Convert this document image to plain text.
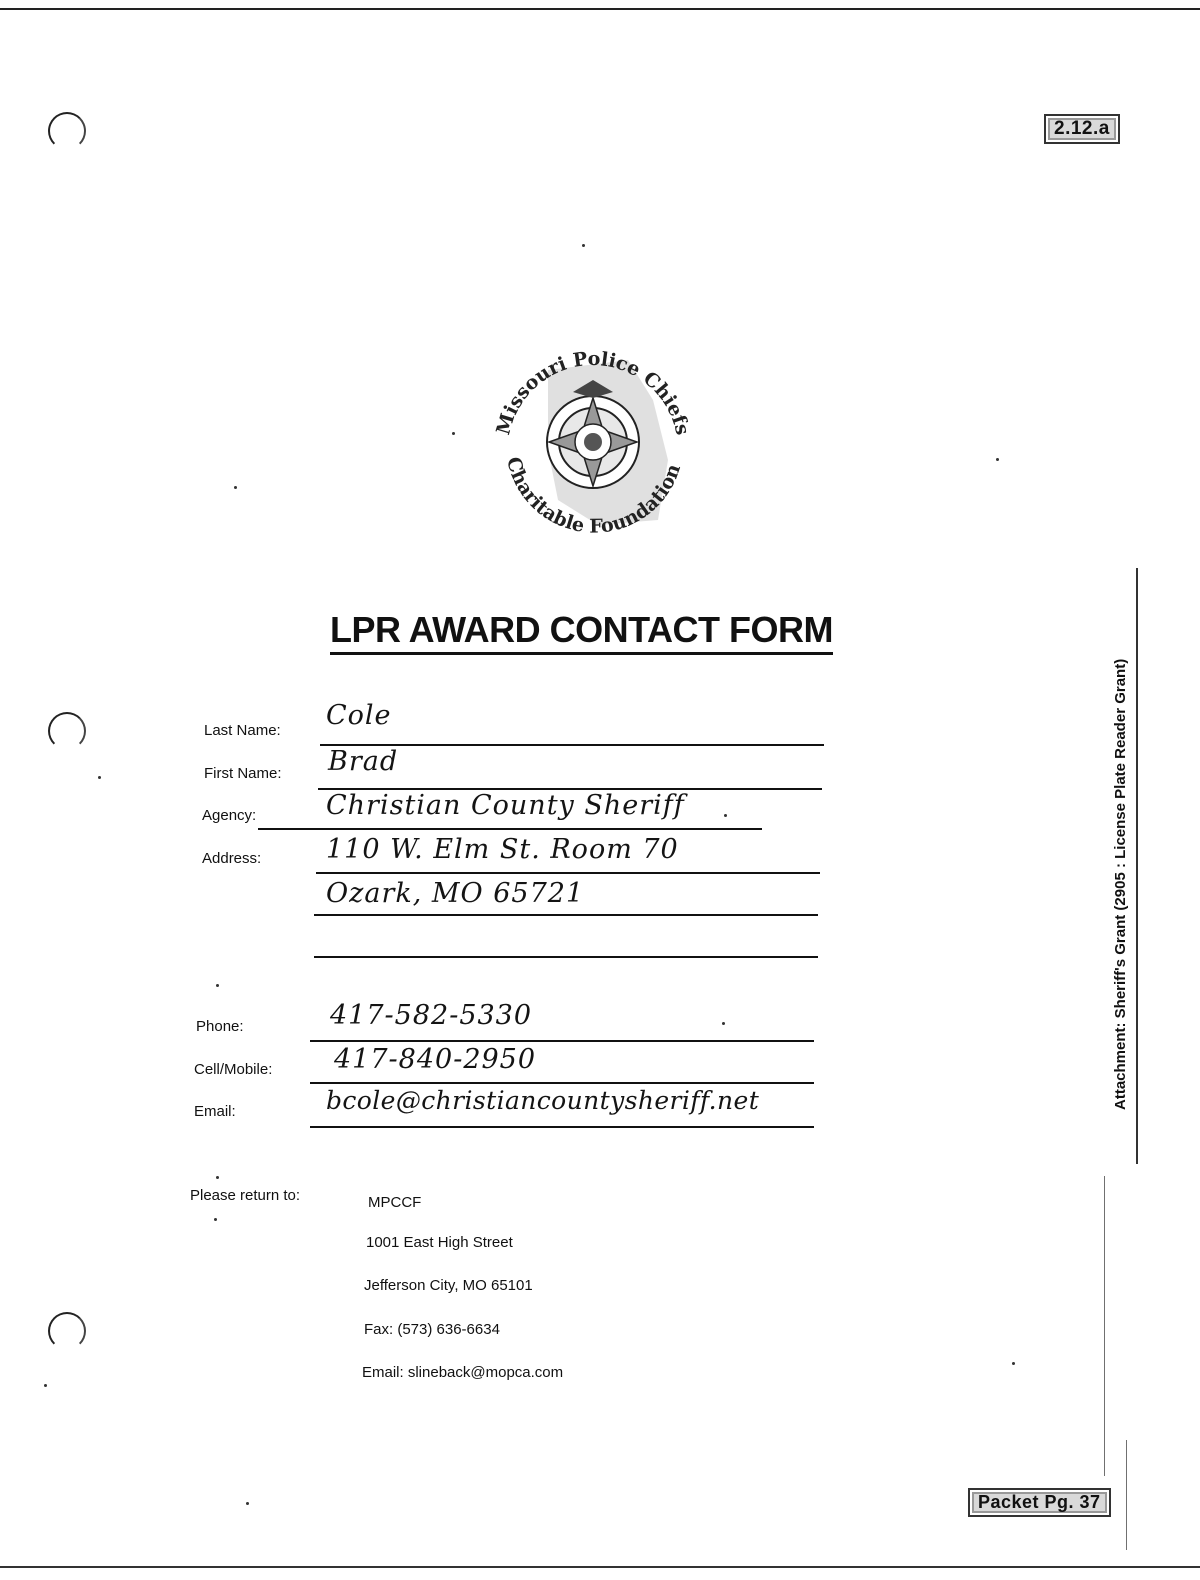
2.12.a
Missouri Police Chiefs
Charitable Foundation
LPR AWARD CONTACT FORM
Last Name: Cole
First Name: Brad
Agency:	Christian County Sheriff
Address: 110 W. Elm St. Room 70
Ozark, MO 65721
Phone:	417-582-5330
Cell/Mobile: 417-840-2950
Email:	bcole@christiancountysheriff.net
Please return to:	MPCCF
1001 East High Street
Jefferson City, MO 65101
Fax: (573) 636-6634
Email: slineback@mopca.com
Attachment: Sheriff's Grant (2905 : License Plate Reader Grant)
Packet Pg. 37
